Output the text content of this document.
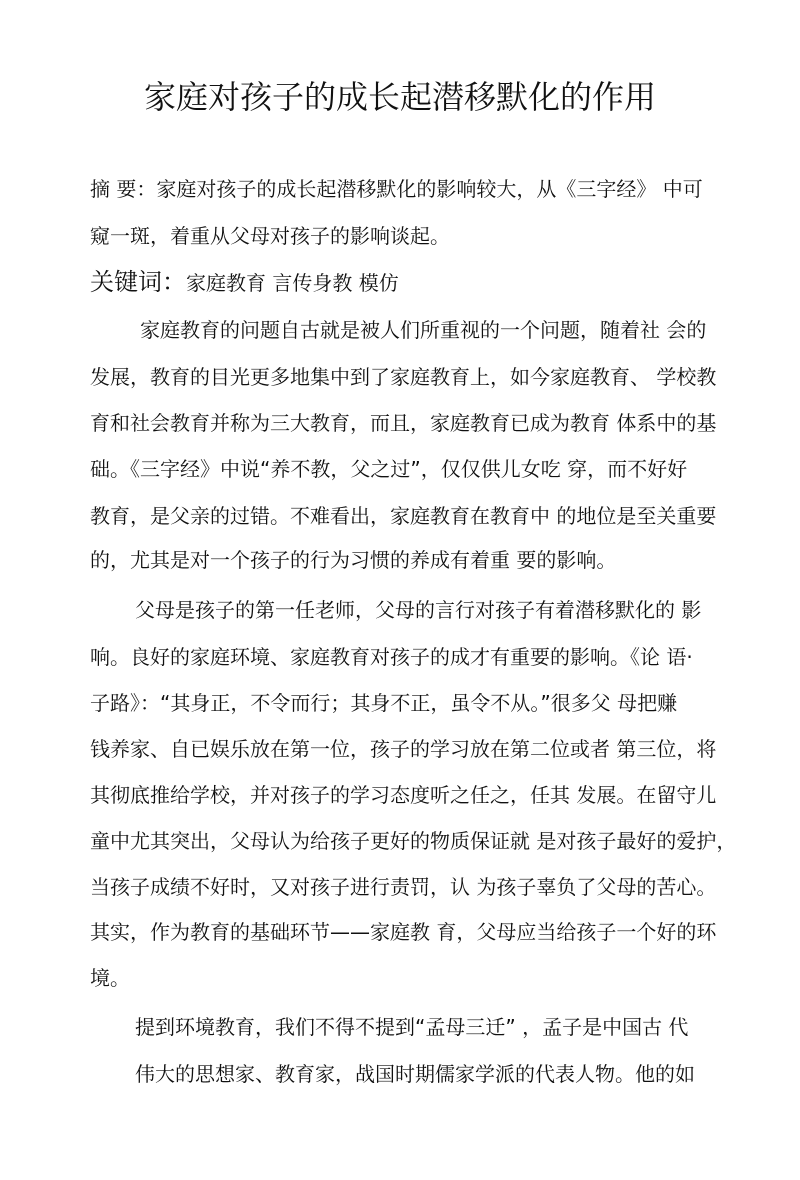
家庭对孩子的成长起潜移默化的作用
摘 要：家庭对孩子的成长起潜移默化的影响较大，从《三字经》 中可
窥一斑，着重从父母对孩子的影响谈起。
关键词：家庭教育 言传身教 模仿
家庭教育的问题自古就是被人们所重视的一个问题，随着社 会的
发展，教育的目光更多地集中到了家庭教育上，如今家庭教育、 学校教
育和社会教育并称为三大教育，而且，家庭教育已成为教育 体系中的基
础。《三字经》中说“养不教，父之过”，仅仅供儿女吃 穿，而不好好
教育，是父亲的过错。不难看出，家庭教育在教育中 的地位是至关重要
的，尤其是对一个孩子的行为习惯的养成有着重 要的影响。
父母是孩子的第一任老师，父母的言行对孩子有着潜移默化的 影
响。良好的家庭环境、家庭教育对孩子的成才有重要的影响。《论 语·
子路》：“其身正，不令而行；其身不正，虽令不从。”很多父 母把赚
钱养家、自已娱乐放在第一位，孩子的学习放在第二位或者 第三位，将
其彻底推给学校，并对孩子的学习态度听之任之，任其 发展。在留守儿
童中尤其突出，父母认为给孩子更好的物质保证就 是对孩子最好的爱护，
当孩子成绩不好时，又对孩子进行责罚，认 为孩子辜负了父母的苦心。
其实，作为教育的基础环节——家庭教 育，父母应当给孩子一个好的环
境。
提到环境教育，我们不得不提到“孟母三迁” ，孟子是中国古 代
伟大的思想家、教育家，战国时期儒家学派的代表人物。他的如
